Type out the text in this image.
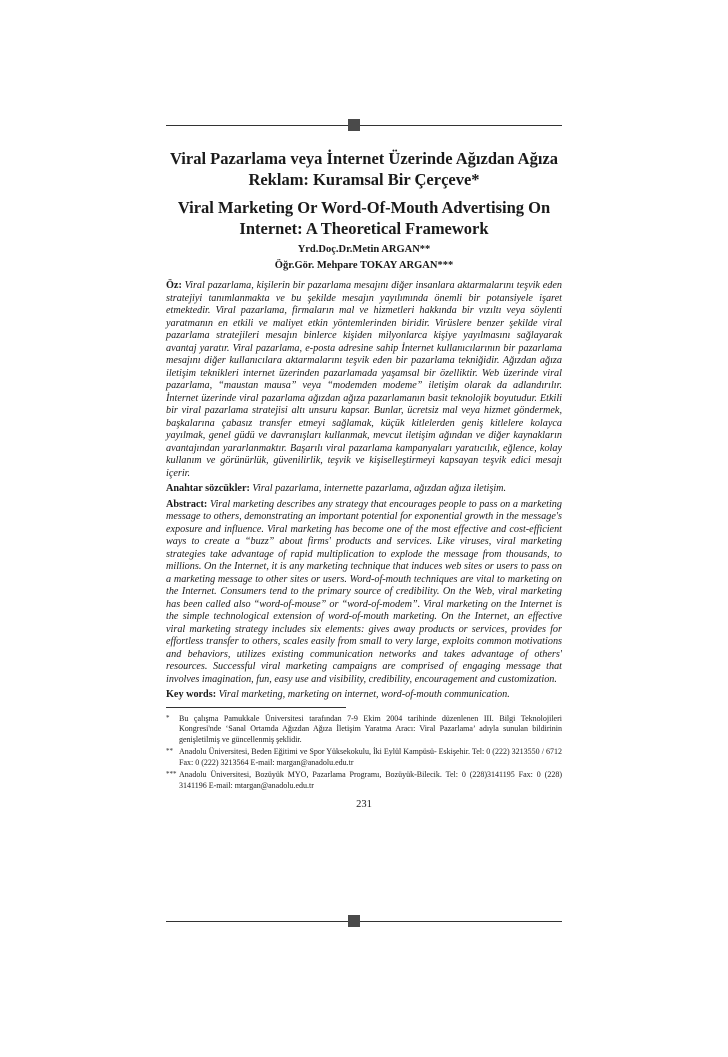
Viral Pazarlama veya İnternet Üzerinde Ağızdan Ağıza Reklam: Kuramsal Bir Çerçeve*
Viral Marketing Or Word-Of-Mouth Advertising On Internet: A Theoretical Framework
Yrd.Doç.Dr.Metin ARGAN**
Öğr.Gör. Mehpare TOKAY ARGAN***

Öz: Viral pazarlama, kişilerin bir pazarlama mesajını diğer insanlara aktarmalarını teşvik eden stratejiyi tanımlanmakta ve bu şekilde mesajın yayılımında önemli bir potansiyele işaret etmektedir. Viral pazarlama, firmaların mal ve hizmetleri hakkında bir vızıltı veya söylenti yaratmanın en etkili ve maliyet etkin yöntemlerinden biridir. Virüslere benzer şekilde viral pazarlama stratejileri mesajın binlerce kişiden milyonlarca kişiye yayılmasını sağlayarak avantaj yaratır. Viral pazarlama, e-posta adresine sahip İnternet kullanıcılarının bir pazarlama mesajını diğer kullanıcılara aktarmalarını teşvik eden bir pazarlama tekniğidir. Ağızdan ağıza iletişim teknikleri internet üzerinden pazarlamada yaşamsal bir özelliktir. Web üzerinde viral pazarlama, “maustan mausa” veya “modemden modeme” iletişim olarak da adlandırılır. İnternet üzerinde viral pazarlama ağızdan ağıza pazarlamanın basit teknolojik boyutudur. Etkili bir viral pazarlama stratejisi altı unsuru kapsar. Bunlar, ücretsiz mal veya hizmet göndermek, başkalarına çabasız transfer etmeyi sağlamak, küçük kitlelerden geniş kitlelere kolayca yayılmak, genel güdü ve davranışları kullanmak, mevcut iletişim ağından ve diğer kaynakların avantajından yararlanmaktır. Başarılı viral pazarlama kampanyaları yaratıcılık, eğlence, kolay kullanım ve görünürlük, güvenilirlik, teşvik ve kişiselleştirmeyi kapsayan teşvik edici mesajı içerir.

Anahtar sözcükler: Viral pazarlama, internette pazarlama, ağızdan ağıza iletişim.

Abstract: Viral marketing describes any strategy that encourages people to pass on a marketing message to others, demonstrating an important potential for exponential growth in the message's exposure and influence. Viral marketing has become one of the most effective and cost-efficient ways to create a “buzz” about firms' products and services. Like viruses, viral marketing strategies take advantage of rapid multiplication to explode the message from thousands, to millions. On the Internet, it is any marketing technique that induces web sites or users to pass on a marketing message to other sites or users. Word-of-mouth techniques are vital to marketing on the Internet. Consumers tend to the primary source of credibility. On the Web, viral marketing has been called also “word-of-mouse” or “word-of-modem”. Viral marketing on the Internet is the simple technological extension of word-of-mouth marketing. On the Internet, an effective viral marketing strategy includes six elements: gives away products or services, provides for effortless transfer to others, scales easily from small to very large, exploits common motivations and behaviors, utilizes existing communication networks and takes advantage of others' resources. Successful viral marketing campaigns are comprised of engaging message that involves imagination, fun, easy use and visibility, credibility, encouragement and customization.

Key words: Viral marketing, marketing on internet, word-of-mouth communication.

*	Bu çalışma Pamukkale Üniversitesi tarafından 7-9 Ekim 2004 tarihinde düzenlenen III. Bilgi Teknolojileri Kongresi'nde ‘Sanal Ortamda Ağızdan Ağıza İletişim Yaratma Aracı: Viral Pazarlama’ adıyla sunulan bildirinin genişletilmiş ve güncellenmiş şeklidir.
** Anadolu Üniversitesi, Beden Eğitimi ve Spor Yüksekokulu, İki Eylül Kampüsü- Eskişehir. Tel: 0 (222) 3213550 / 6712 Fax: 0 (222) 3213564 E-mail: margan@anadolu.edu.tr
*** Anadolu Üniversitesi, Bozüyük MYO, Pazarlama Programı, Bozüyük-Bilecik. Tel: 0 (228)3141195 Fax: 0 (228) 3141196 E-mail: mtargan@anadolu.edu.tr
231
